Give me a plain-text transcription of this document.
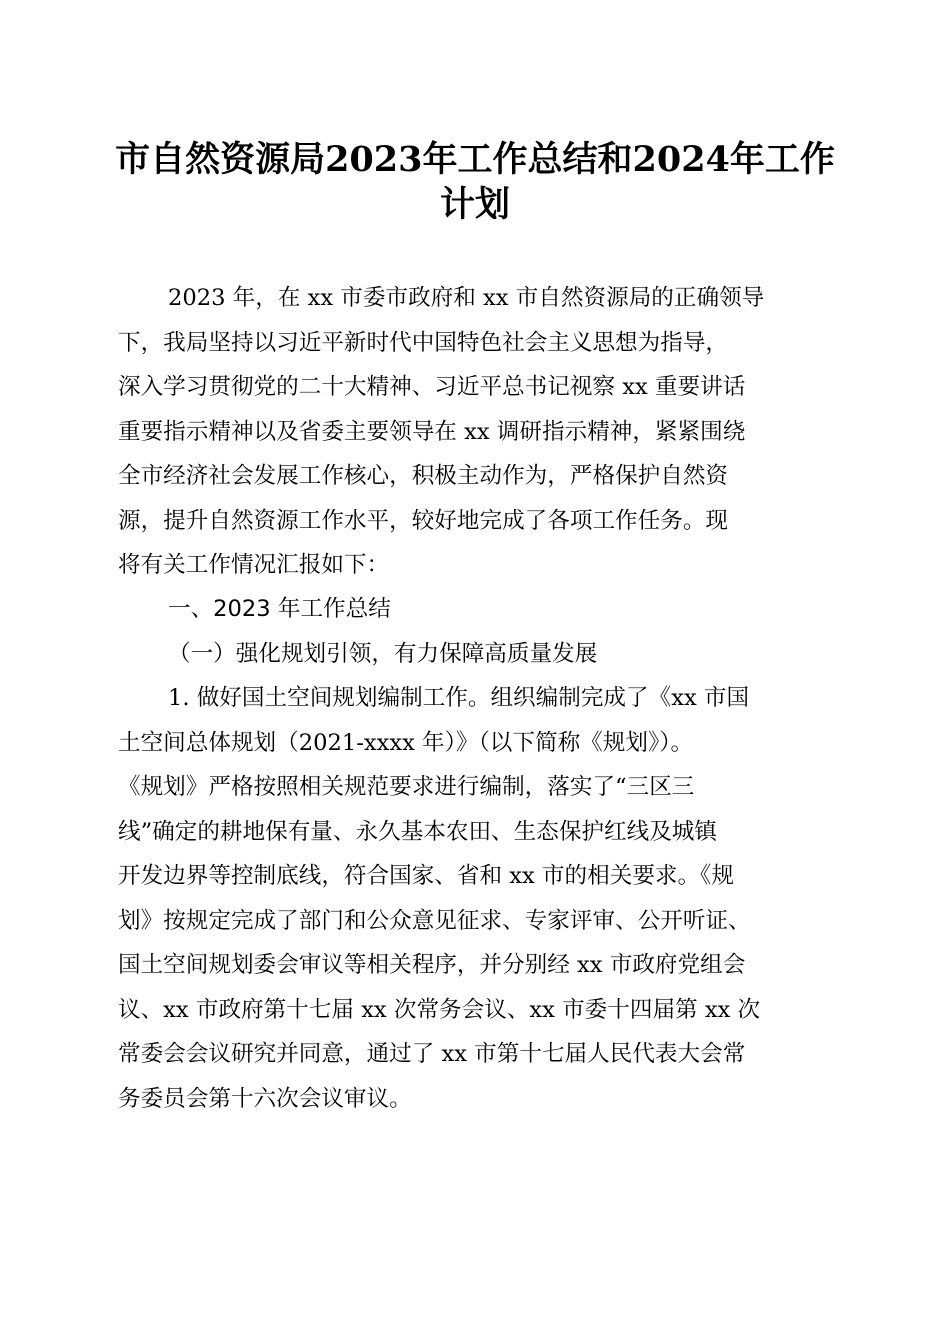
市自然资源局2023年工作总结和2024年工作
计划

2023 年，在 xx 市委市政府和 xx 市自然资源局的正确领导

下，我局坚持以习近平新时代中国特色社会主义思想为指导，

深入学习贯彻党的二十大精神、习近平总书记视察 xx 重要讲话

重要指示精神以及省委主要领导在 xx 调研指示精神，紧紧围绕

全市经济社会发展工作核心，积极主动作为，严格保护自然资

源，提升自然资源工作水平，较好地完成了各项工作任务。现

将有关工作情况汇报如下：

一、2023 年工作总结

（一）强化规划引领，有力保障高质量发展

1. 做好国土空间规划编制工作。组织编制完成了《xx 市国

土空间总体规划（2021-xxxx 年）》（以下简称《规划》）。

《规划》严格按照相关规范要求进行编制，落实了“三区三

线”确定的耕地保有量、永久基本农田、生态保护红线及城镇

开发边界等控制底线，符合国家、省和 xx 市的相关要求。《规

划》按规定完成了部门和公众意见征求、专家评审、公开听证、

国土空间规划委会审议等相关程序，并分别经 xx 市政府党组会

议、xx 市政府第十七届 xx 次常务会议、xx 市委十四届第 xx 次

常委会会议研究并同意，通过了 xx 市第十七届人民代表大会常

务委员会第十六次会议审议。
